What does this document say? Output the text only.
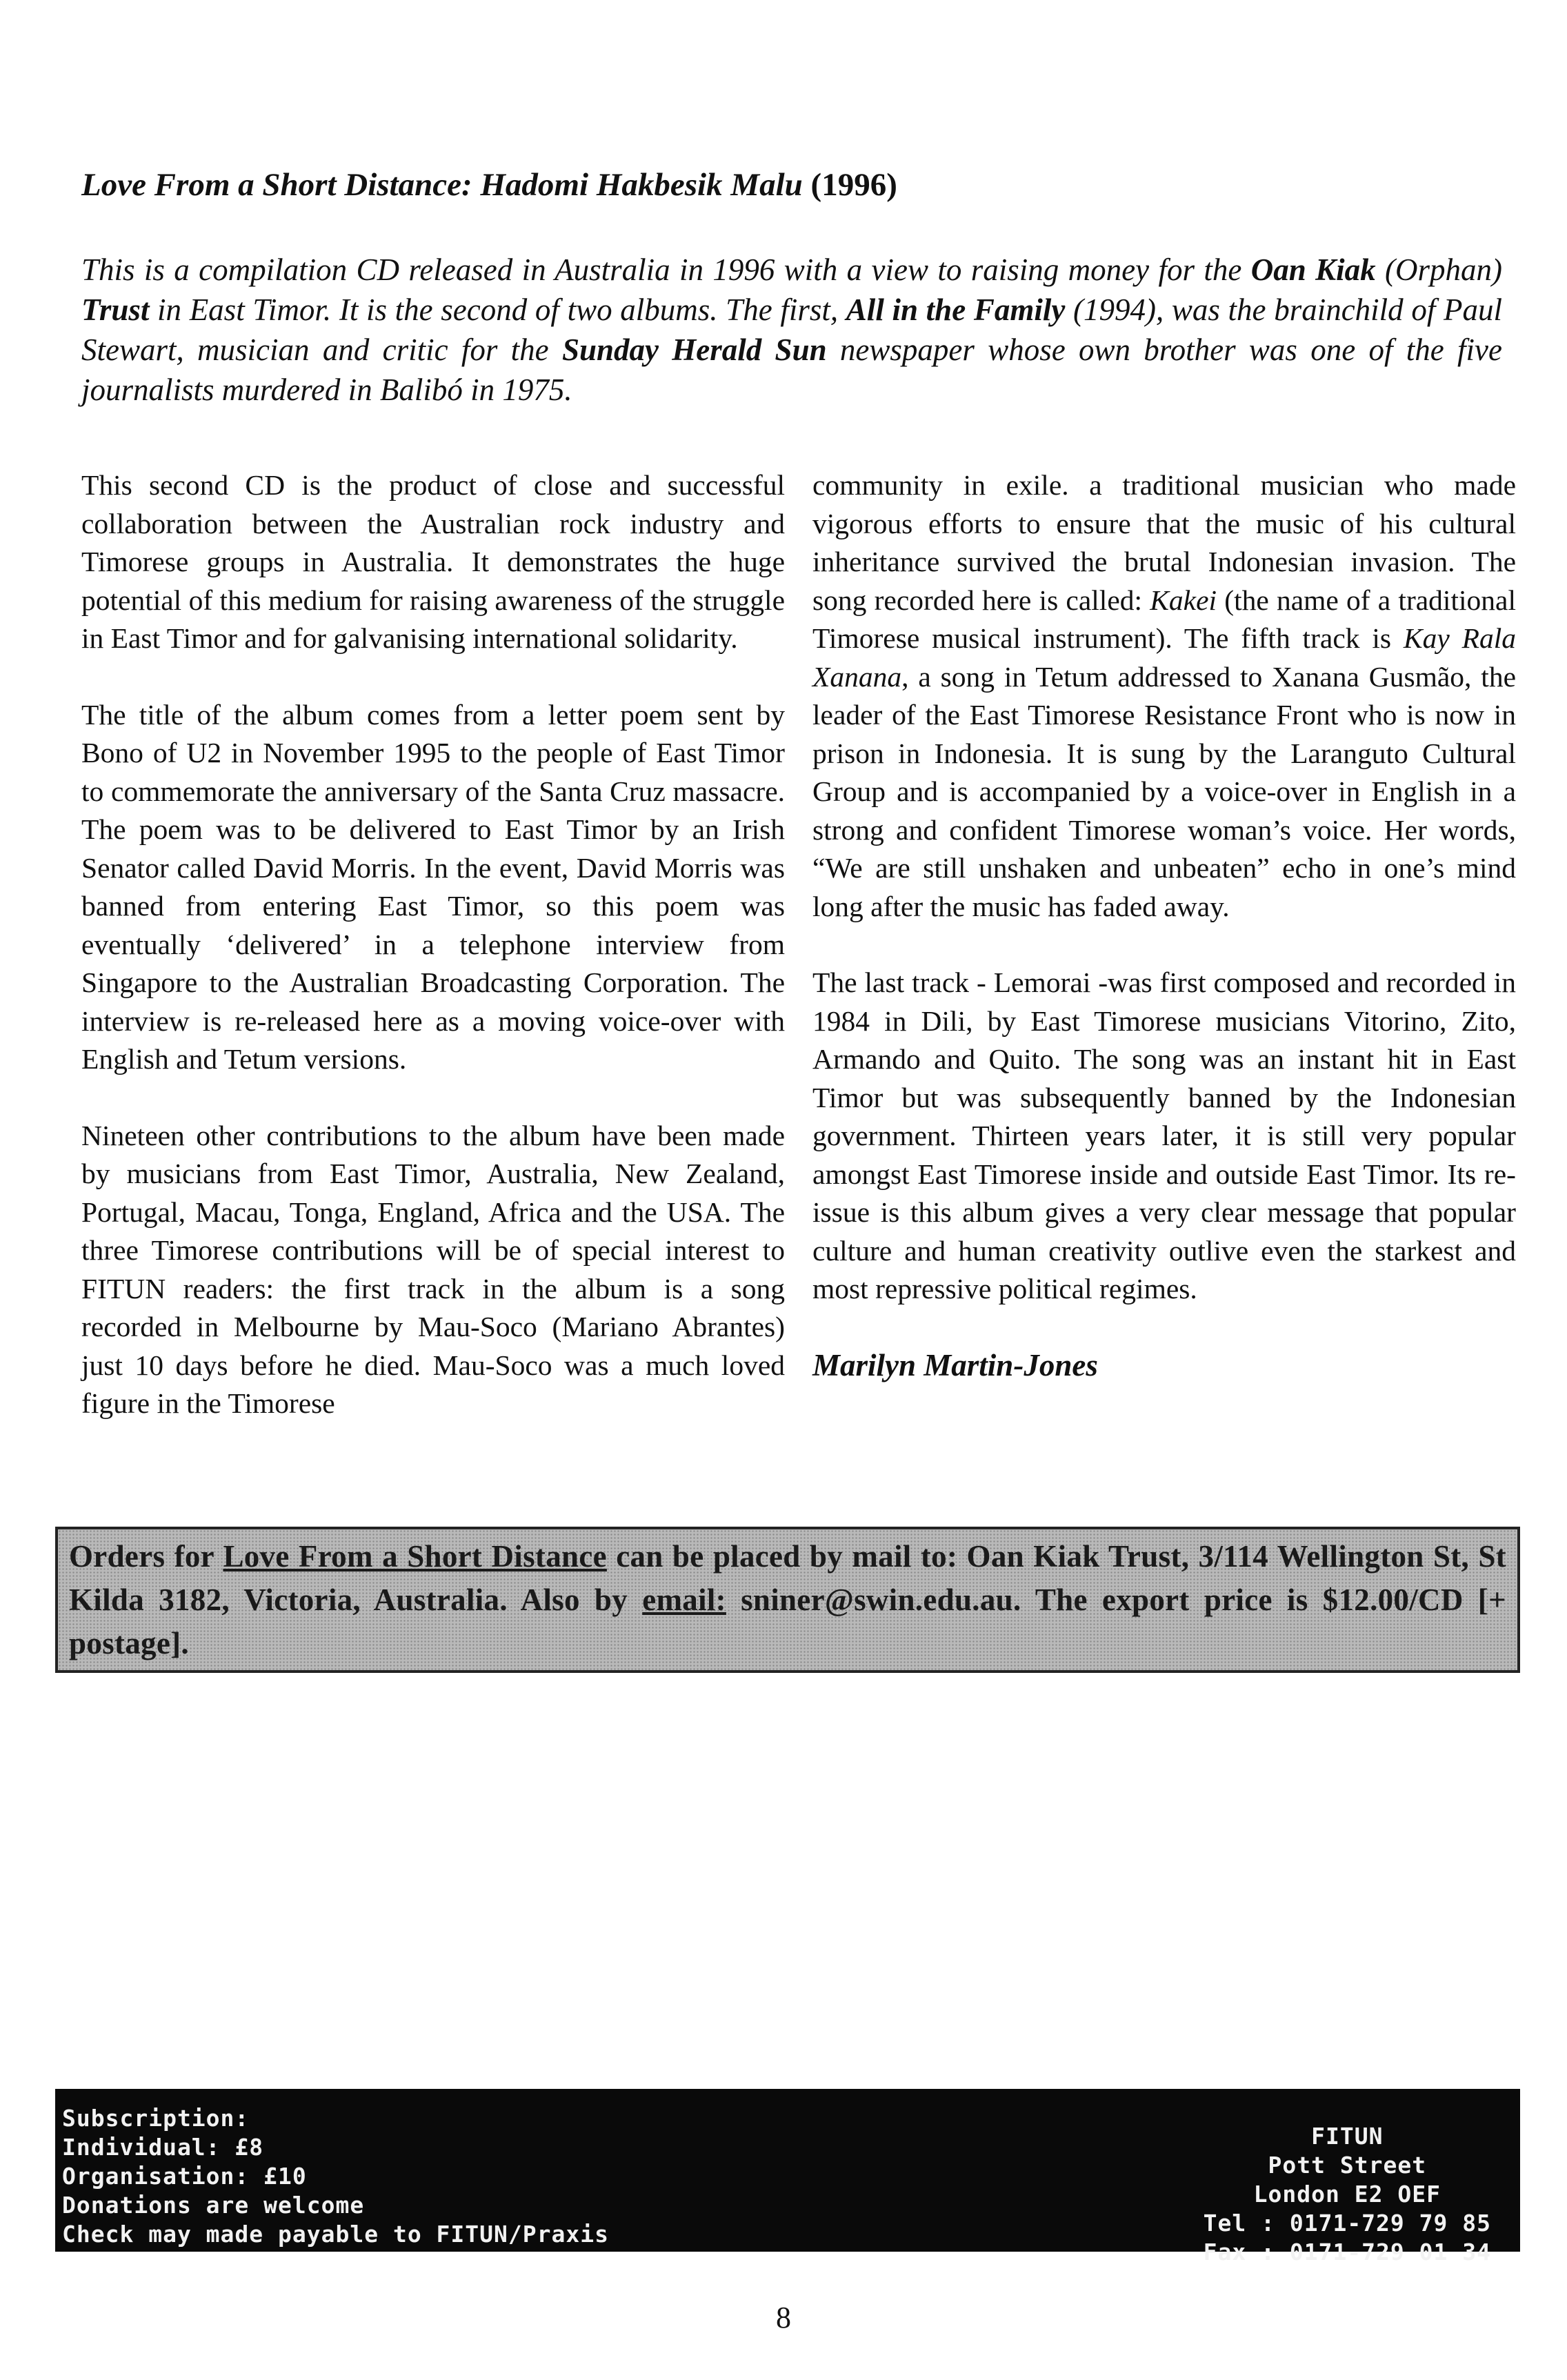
Love From a Short Distance: Hadomi Hakbesik Malu (1996)
This is a compilation CD released in Australia in 1996 with a view to raising money for the Oan Kiak (Orphan) Trust in East Timor. It is the second of two albums. The first, All in the Family (1994), was the brainchild of Paul Stewart, musician and critic for the Sunday Herald Sun newspaper whose own brother was one of the five journalists murdered in Balibó in 1975.

This second CD is the product of close and successful collaboration between the Australian rock industry and Timorese groups in Australia. It demonstrates the huge potential of this medium for raising awareness of the struggle in East Timor and for galvanising international solidarity.

The title of the album comes from a letter poem sent by Bono of U2 in November 1995 to the people of East Timor to commemorate the anniversary of the Santa Cruz massacre. The poem was to be delivered to East Timor by an Irish Senator called David Morris. In the event, David Morris was banned from entering East Timor, so this poem was eventually ‘delivered’ in a telephone interview from Singapore to the Australian Broadcasting Corporation. The interview is re-released here as a moving voice-over with English and Tetum versions.

Nineteen other contributions to the album have been made by musicians from East Timor, Australia, New Zealand, Portugal, Macau, Tonga, England, Africa and the USA. The three Timorese contributions will be of special interest to FITUN readers: the first track in the album is a song recorded in Melbourne by Mau-Soco (Mariano Abrantes) just 10 days before he died. Mau-Soco was a much loved figure in the Timorese

community in exile. a traditional musician who made vigorous efforts to ensure that the music of his cultural inheritance survived the brutal Indonesian invasion. The song recorded here is called: Kakei (the name of a traditional Timorese musical instrument). The fifth track is Kay Rala Xanana, a song in Tetum addressed to Xanana Gusmão, the leader of the East Timorese Resistance Front who is now in prison in Indonesia. It is sung by the Laranguto Cultural Group and is accompanied by a voice-over in English in a strong and confident Timorese woman’s voice. Her words, “We are still unshaken and unbeaten” echo in one’s mind long after the music has faded away.

The last track - Lemorai -was first composed and recorded in 1984 in Dili, by East Timorese musicians Vitorino, Zito, Armando and Quito. The song was an instant hit in East Timor but was subsequently banned by the Indonesian government. Thirteen years later, it is still very popular amongst East Timorese inside and outside East Timor. Its re-issue is this album gives a very clear message that popular culture and human creativity outlive even the starkest and most repressive political regimes.

Marilyn Martin-Jones
Orders for Love From a Short Distance can be placed by mail to: Oan Kiak Trust, 3/114 Wellington St, St Kilda 3182, Victoria, Australia. Also by email: sniner@swin.edu.au. The export price is $12.00/CD [+ postage].
Subscription:
Individual: £8
Organisation: £10
Donations are welcome
Check may made payable to FITUN/Praxis
FITUN
Pott Street
London E2 OEF
Tel : 0171-729 79 85
Fax : 0171-729 01 34
8
